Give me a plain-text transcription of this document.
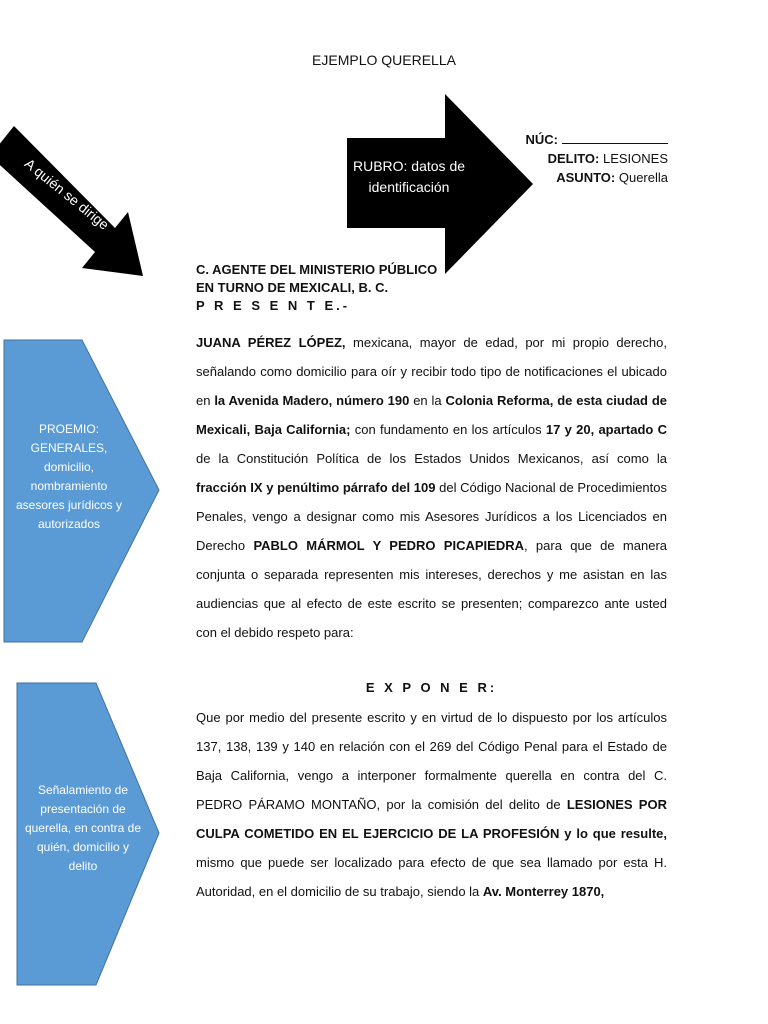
EJEMPLO QUERELLA
RUBRO: datos de
identificación
A quién se dirige
NÚC:
DELITO: LESIONES
ASUNTO: Querella
C. AGENTE DEL MINISTERIO PÚBLICO
EN TURNO DE MEXICALI, B. C.
P R E S E N T E.-
JUANA PÉREZ LÓPEZ, mexicana, mayor de edad, por mi propio derecho, señalando como domicilio para oír y recibir todo tipo de notificaciones el ubicado en la Avenida Madero, número 190 en la Colonia Reforma, de esta ciudad de Mexicali, Baja California; con fundamento en los artículos 17 y 20, apartado C de la Constitución Política de los Estados Unidos Mexicanos, así como la fracción IX y penúltimo párrafo del 109 del Código Nacional de Procedimientos Penales, vengo a designar como mis Asesores Jurídicos a los Licenciados en Derecho PABLO MÁRMOL Y PEDRO PICAPIEDRA, para que de manera conjunta o separada representen mis intereses, derechos y me asistan en las audiencias que al efecto de este escrito se presenten; comparezco ante usted con el debido respeto para:
E X P O N E R:
Que por medio del presente escrito y en virtud de lo dispuesto por los artículos 137, 138, 139 y 140 en relación con el 269 del Código Penal para el Estado de Baja California, vengo a interponer formalmente querella en contra del C. PEDRO PÁRAMO MONTAÑO, por la comisión del delito de LESIONES POR CULPA COMETIDO EN EL EJERCICIO DE LA PROFESIÓN y lo que resulte, mismo que puede ser localizado para efecto de que sea llamado por esta H. Autoridad, en el domicilio de su trabajo, siendo la Av. Monterrey 1870,
PROEMIO: GENERALES, domicilio, nombramiento asesores jurídicos y autorizados
Señalamiento de presentación de querella, en contra de quién, domicilio y delito
